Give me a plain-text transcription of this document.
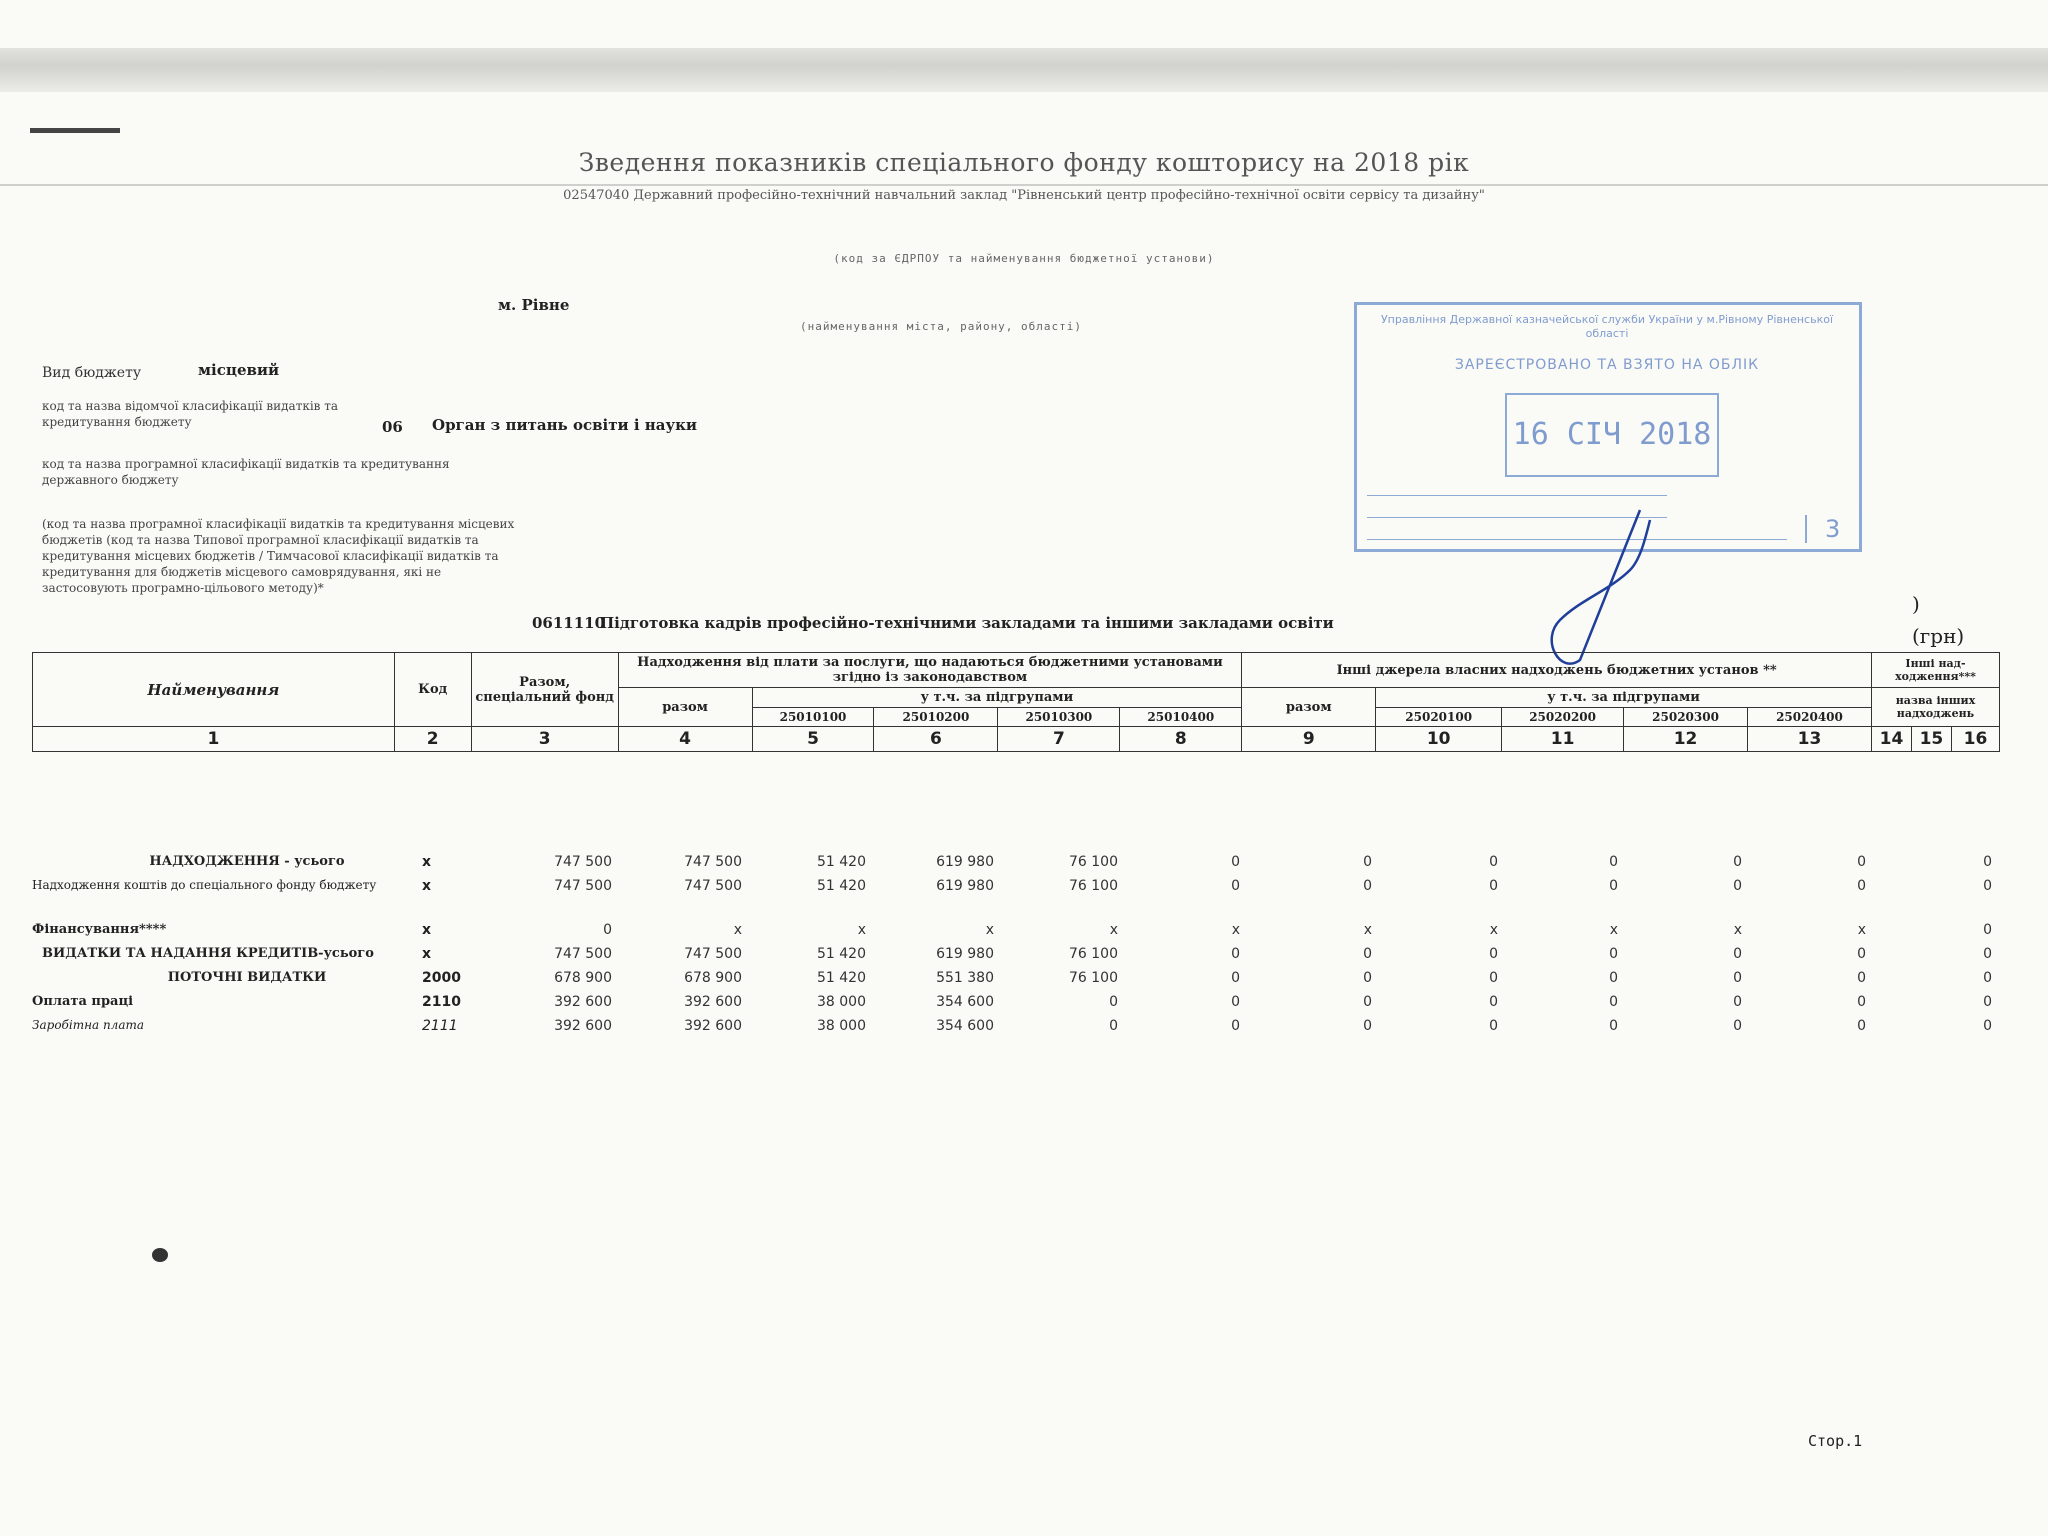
Зведення показників спеціального фонду кошторису на 2018 рік
02547040 Державний професійно-технічний навчальний заклад "Рівненський центр професійно-технічної освіти сервісу та дизайну"
(код за ЄДРПОУ та найменування бюджетної установи)
м. Рівне
(найменування міста, району, області)
Вид бюджету	місцевий
код та назва відомчої класифікації видатків та кредитування бюджету	06 Орган з питань освіти і науки
код та назва програмної класифікації видатків та кредитування державного бюджету
(код та назва програмної класифікації видатків та кредитування місцевих бюджетів (код та назва Типової програмної класифікації видатків та кредитування місцевих бюджетів / Тимчасової класифікації видатків та кредитування для бюджетів місцевого самоврядування, які не застосовують програмно-цільового методу)*
0611110
Підготовка кадрів професійно-технічними закладами та іншими закладами освіти
)
(грн)
Управління Державної казначейської служби України у м.Рівному Рівненської області
ЗАРЕЄСТРОВАНО ТА ВЗЯТО НА ОБЛІК
16 СІЧ 2018
3
Найменування	Код	Разом, спеціальний фонд	Надходження від плати за послуги, що надаються бюджетними установами згідно із законодавством					Інші джерела власних надходжень бюджетних установ **					Інші над-ходження***		
			разом	у т.ч. за підгрупами				разом	у т.ч. за підгрупами				назва інших надходжень		
				25010100	25010200	25010300	25010400		25020100	25020200	25020300	25020400			
1	2	3	4	5	6	7	8	9	10	11	12	13	14	15	16
НАДХОДЖЕННЯ - усього	x	747 500	747 500	51 420	619 980	76 100	0	0	0	0	0	0	0
Надходження коштів до спеціального фонду бюджету	x	747 500	747 500	51 420	619 980	76 100	0	0	0	0	0	0	0
Фінансування****	x	0	x	x	x	x	x	x	x	x	x	x	0
ВИДАТКИ ТА НАДАННЯ КРЕДИТІВ-усього	x	747 500	747 500	51 420	619 980	76 100	0	0	0	0	0	0	0
ПОТОЧНІ ВИДАТКИ	2000	678 900	678 900	51 420	551 380	76 100	0	0	0	0	0	0	0
Оплата праці	2110	392 600	392 600	38 000	354 600	0	0	0	0	0	0	0	0
Заробітна плата	2111	392 600	392 600	38 000	354 600	0	0	0	0	0	0	0	0
Стор.1
